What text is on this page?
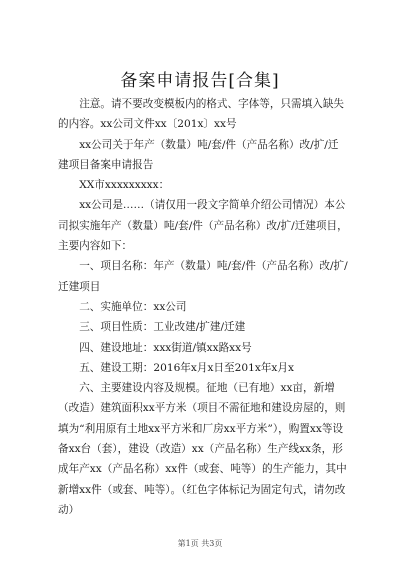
备案申请报告[合集]

注意。请不要改变模板内的格式、字体等，只需填入缺失的内容。xx公司文件xx〔201x〕xx号

xx公司关于年产（数量）吨/套/件（产品名称）改/扩/迁建项目备案申请报告

XX市xxxxxxxxx：

xx公司是……（请仅用一段文字简单介绍公司情况）本公司拟实施年产（数量）吨/套/件（产品名称）改/扩/迁建项目，主要内容如下：

一、项目名称：年产（数量）吨/套/件（产品名称）改/扩/迁建项目

二、实施单位：xx公司

三、项目性质：工业改建/扩建/迁建

四、建设地址：xxx街道/镇xx路xx号

五、建设工期：2016年x月x日至201x年x月x

六、主要建设内容及规模。征地（已有地）xx亩，新增（改造）建筑面积xx平方米（项目不需征地和建设房屋的，则填为“利用原有土地xx平方米和厂房xx平方米”），购置xx等设备xx台（套），建设（改造）xx（产品名称）生产线xx条，形成年产xx（产品名称）xx件（或套、吨等）的生产能力，其中新增xx件（或套、吨等）。（红色字体标记为固定句式，请勿改动）

第1页 共3页
